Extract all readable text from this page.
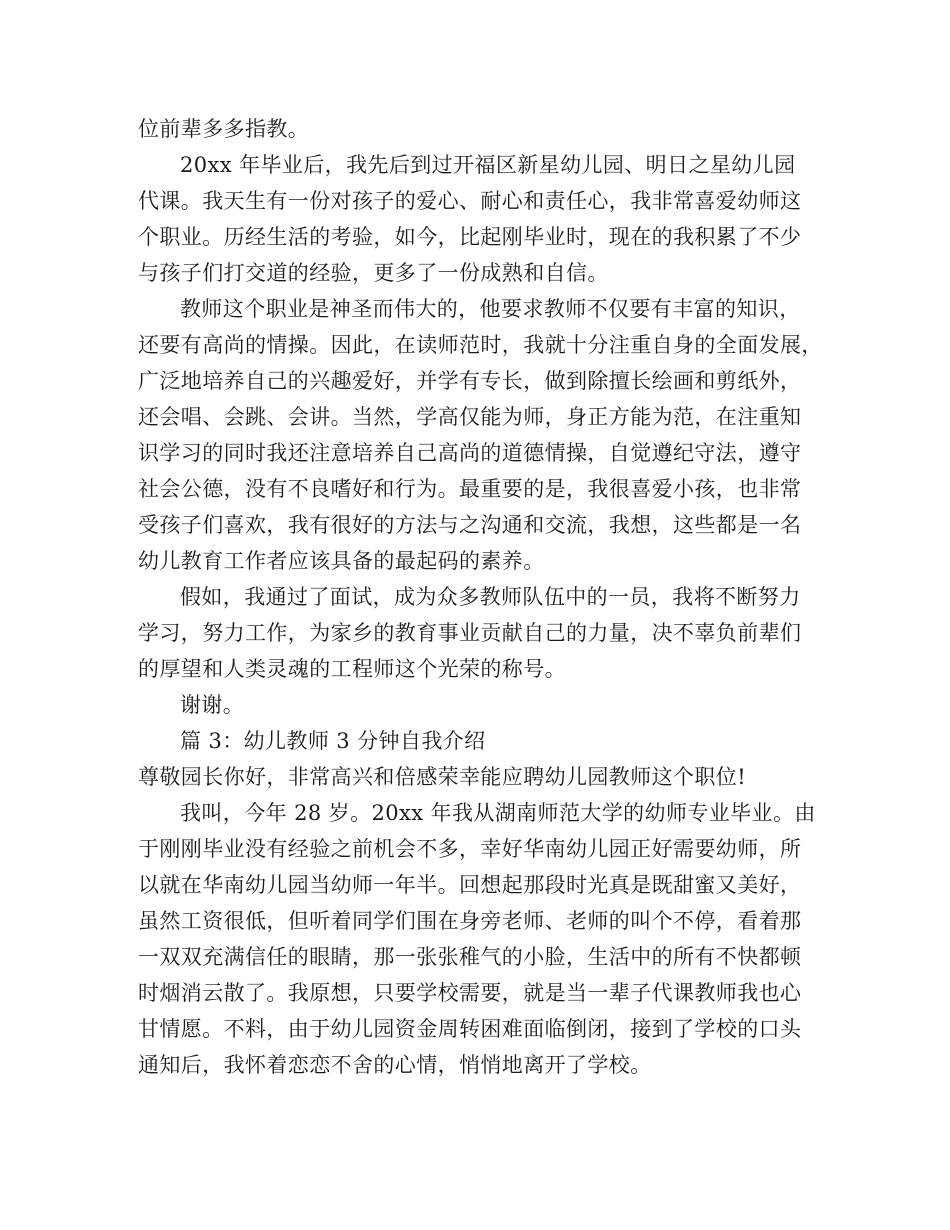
位前辈多多指教。
20xx 年毕业后，我先后到过开福区新星幼儿园、明日之星幼儿园
代课。我天生有一份对孩子的爱心、耐心和责任心，我非常喜爱幼师这
个职业。历经生活的考验，如今，比起刚毕业时，现在的我积累了不少
与孩子们打交道的经验，更多了一份成熟和自信。
教师这个职业是神圣而伟大的，他要求教师不仅要有丰富的知识，
还要有高尚的情操。因此，在读师范时，我就十分注重自身的全面发展，
广泛地培养自己的兴趣爱好，并学有专长，做到除擅长绘画和剪纸外，
还会唱、会跳、会讲。当然，学高仅能为师，身正方能为范，在注重知
识学习的同时我还注意培养自己高尚的道德情操，自觉遵纪守法，遵守
社会公德，没有不良嗜好和行为。最重要的是，我很喜爱小孩，也非常
受孩子们喜欢，我有很好的方法与之沟通和交流，我想，这些都是一名
幼儿教育工作者应该具备的最起码的素养。
假如，我通过了面试，成为众多教师队伍中的一员，我将不断努力
学习，努力工作，为家乡的教育事业贡献自己的力量，决不辜负前辈们
的厚望和人类灵魂的工程师这个光荣的称号。
谢谢。
篇 3：幼儿教师 3 分钟自我介绍
尊敬园长你好，非常高兴和倍感荣幸能应聘幼儿园教师这个职位!
我叫，今年 28 岁。20xx 年我从湖南师范大学的幼师专业毕业。由
于刚刚毕业没有经验之前机会不多，幸好华南幼儿园正好需要幼师，所
以就在华南幼儿园当幼师一年半。回想起那段时光真是既甜蜜又美好，
虽然工资很低，但听着同学们围在身旁老师、老师的叫个不停，看着那
一双双充满信任的眼睛，那一张张稚气的小脸，生活中的所有不快都顿
时烟消云散了。我原想，只要学校需要，就是当一辈子代课教师我也心
甘情愿。不料，由于幼儿园资金周转困难面临倒闭，接到了学校的口头
通知后，我怀着恋恋不舍的心情，悄悄地离开了学校。
